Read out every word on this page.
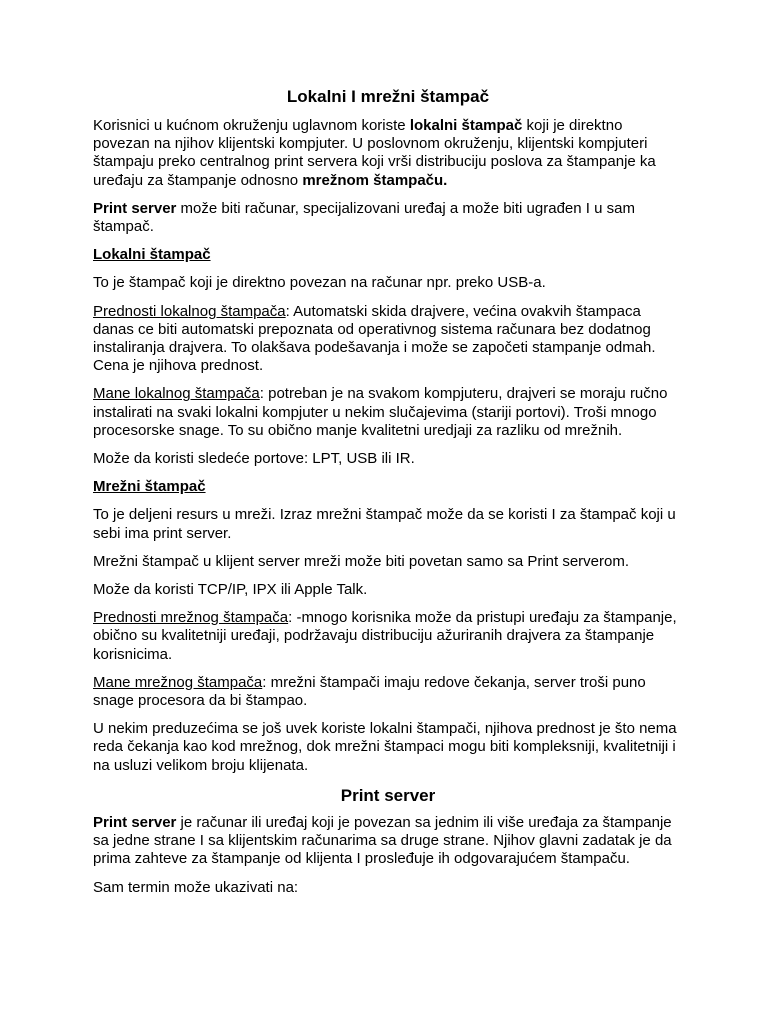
Lokalni I mrežni štampač

Korisnici u kućnom okruženju uglavnom koriste lokalni štampač koji je direktno povezan na njihov klijentski kompjuter. U poslovnom okruženju, klijentski kompjuteri štampaju preko centralnog print servera koji vrši distribuciju poslova za štampanje ka uređaju za štampanje odnosno mrežnom štampaču.

Print server može biti računar, specijalizovani uređaj a može biti ugrađen I u sam štampač.

Lokalni štampač

To je štampač koji je direktno povezan na računar npr. preko USB-a.

Prednosti lokalnog štampača: Automatski skida drajvere, većina ovakvih štampaca danas ce biti automatski prepoznata od operativnog sistema računara bez dodatnog instaliranja drajvera. To olakšava podešavanja i može se započeti stampanje odmah. Cena je njihova prednost.

Mane lokalnog štampača: potreban je na svakom kompjuteru, drajveri se moraju ručno instalirati na svaki lokalni kompjuter u nekim slučajevima (stariji portovi). Troši mnogo procesorske snage. To su obično manje kvalitetni uredjaji za razliku od mrežnih.

Može da koristi sledeće portove: LPT, USB ili IR.

Mrežni štampač

To je deljeni resurs u mreži. Izraz mrežni štampač može da se koristi I za štampač koji u sebi ima print server.

Mrežni štampač u klijent server mreži može biti povetan samo sa Print serverom.

Može da koristi TCP/IP, IPX ili Apple Talk.

Prednosti mrežnog štampača: -mnogo korisnika može da pristupi uređaju za štampanje, obično su kvalitetniji uređaji, podržavaju distribuciju ažuriranih drajvera za štampanje korisnicima.

Mane mrežnog štampača: mrežni štampači imaju redove čekanja, server troši puno snage procesora da bi štampao.

U nekim preduzećima se još uvek koriste lokalni štampači, njihova prednost je što nema reda čekanja kao kod mrežnog, dok mrežni štampaci mogu biti kompleksniji, kvalitetniji i na usluzi velikom broju klijenata.

Print server

Print server je računar ili uređaj koji je povezan sa jednim ili više uređaja za štampanje sa jedne strane I sa klijentskim računarima sa druge strane. Njihov glavni zadatak je da prima zahteve za štampanje od klijenta I prosleđuje ih odgovarajućem štampaču.

Sam termin može ukazivati na:
